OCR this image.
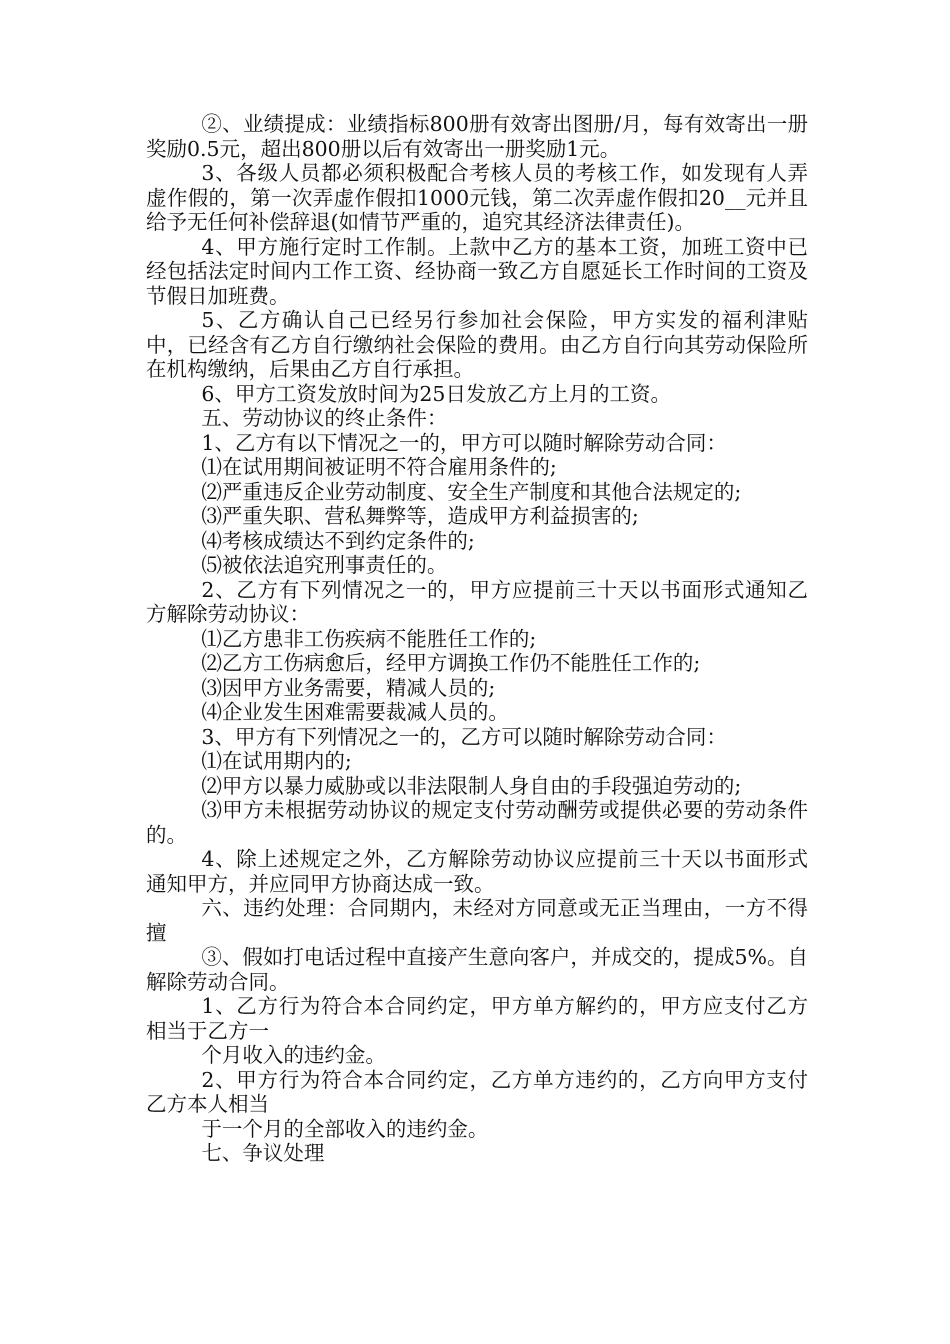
②、业绩提成：业绩指标800册有效寄出图册/月，每有效寄出一册奖励0.5元，超出800册以后有效寄出一册奖励1元。

3、各级人员都必须积极配合考核人员的考核工作，如发现有人弄虚作假的，第一次弄虚作假扣1000元钱，第二次弄虚作假扣20__元并且给予无任何补偿辞退(如情节严重的，追究其经济法律责任)。

4、甲方施行定时工作制。上款中乙方的基本工资，加班工资中已经包括法定时间内工作工资、经协商一致乙方自愿延长工作时间的工资及节假日加班费。

5、乙方确认自己已经另行参加社会保险，甲方实发的福利津贴中，已经含有乙方自行缴纳社会保险的费用。由乙方自行向其劳动保险所在机构缴纳，后果由乙方自行承担。

6、甲方工资发放时间为25日发放乙方上月的工资。

五、劳动协议的终止条件：

1、乙方有以下情况之一的，甲方可以随时解除劳动合同：

⑴在试用期间被证明不符合雇用条件的;

⑵严重违反企业劳动制度、安全生产制度和其他合法规定的;

⑶严重失职、营私舞弊等，造成甲方利益损害的;

⑷考核成绩达不到约定条件的;

⑸被依法追究刑事责任的。

2、乙方有下列情况之一的，甲方应提前三十天以书面形式通知乙方解除劳动协议：

⑴乙方患非工伤疾病不能胜任工作的;

⑵乙方工伤病愈后，经甲方调换工作仍不能胜任工作的;

⑶因甲方业务需要，精减人员的;

⑷企业发生困难需要裁减人员的。

3、甲方有下列情况之一的，乙方可以随时解除劳动合同：

⑴在试用期内的;

⑵甲方以暴力威胁或以非法限制人身自由的手段强迫劳动的;

⑶甲方未根据劳动协议的规定支付劳动酬劳或提供必要的劳动条件的。

4、除上述规定之外，乙方解除劳动协议应提前三十天以书面形式通知甲方，并应同甲方协商达成一致。

六、违约处理：合同期内，未经对方同意或无正当理由，一方不得擅

③、假如打电话过程中直接产生意向客户，并成交的，提成5%。自解除劳动合同。

1、乙方行为符合本合同约定，甲方单方解约的，甲方应支付乙方相当于乙方一

个月收入的违约金。

2、甲方行为符合本合同约定，乙方单方违约的，乙方向甲方支付乙方本人相当

于一个月的全部收入的违约金。

七、争议处理
